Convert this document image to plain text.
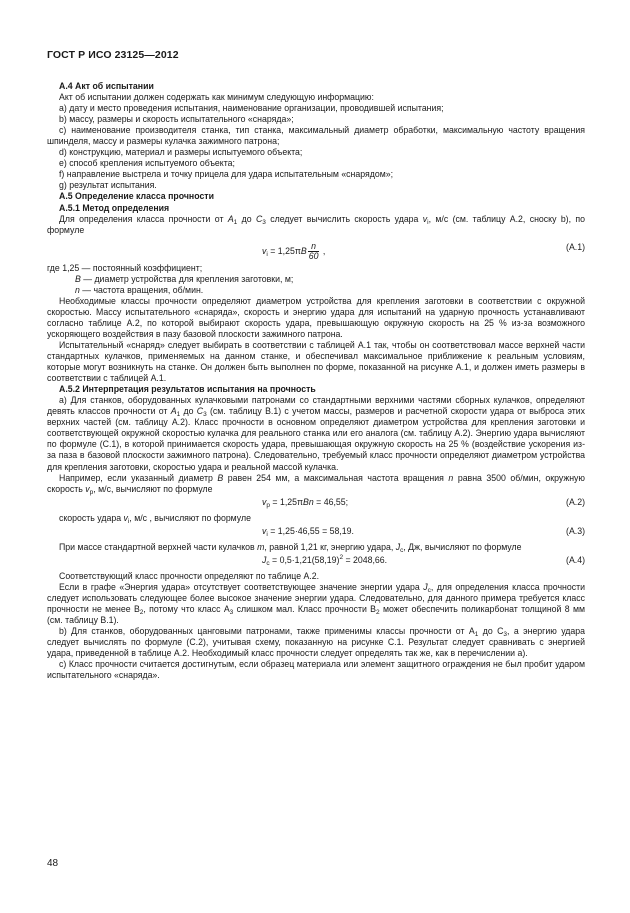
ГОСТ Р ИСО 23125—2012

A.4 Акт об испытании

Акт об испытании должен содержать как минимум следующую информацию:

а) дату и место проведения испытания, наименование организации, проводившей испытания;

b) массу, размеры и скорость испытательного «снаряда»;

с) наименование производителя станка, тип станка, максимальный диаметр обработки, максимальную частоту вращения шпинделя, массу и размеры кулачка зажимного патрона;

d) конструкцию, материал и размеры испытуемого объекта;

е) способ крепления испытуемого объекта;

f) направление выстрела и точку прицела для удара испытательным «снарядом»;

g) результат испытания.

A.5 Определение класса прочности

A.5.1 Метод определения

Для определения класса прочности от $A_1$ до $C_3$ следует вычислить скорость удара $v_i$, м/с (см. таблицу A.2, сноску b), по формуле

$v_i = 1,25\pi B \frac{n}{60}$ ,	(A.1)

где 1,25 — постоянный коэффициент;

B — диаметр устройства для крепления заготовки, м;

n — частота вращения, об/мин.

Необходимые классы прочности определяют диаметром устройства для крепления заготовки в соответствии с окружной скоростью. Массу испытательного «снаряда», скорость и энергию удара для испытаний на ударную прочность устанавливают согласно таблице A.2, по которой выбирают скорость удара, превышающую окружную скорость на 25 % из-за возможного ускоряющего воздействия в пазу базовой плоскости зажимного патрона.

Испытательный «снаряд» следует выбирать в соответствии с таблицей A.1 так, чтобы он соответствовал массе верхней части стандартных кулачков, применяемых на данном станке, и обеспечивал максимальное приближение к реальным условиям, которые могут возникнуть на станке. Он должен быть выполнен по форме, показанной на рисунке A.1, и должен иметь размеры в соответствии с таблицей A.1.

A.5.2 Интерпретация результатов испытания на прочность

а) Для станков, оборудованных кулачковыми патронами со стандартными верхними частями сборных кулачков, определяют девять классов прочности от $A_1$ до $C_3$ (см. таблицу B.1) с учетом массы, размеров и расчетной скорости удара от выброса этих верхних частей (см. таблицу A.2). Класс прочности в основном определяют диаметром устройства для крепления заготовки и соответствующей окружной скоростью кулачка для реального станка или его аналога (см. таблицу A.2). Энергию удара вычисляют по формуле (C.1), в которой принимается скорость удара, превышающая окружную скорость на 25 % (воздействие ускорения из-за паза в базовой плоскости зажимного патрона). Следовательно, требуемый класс прочности определяют диаметром устройства для крепления заготовки, скоростью удара и реальной массой кулачка.

Например, если указанный диаметр B равен 254 мм, а максимальная частота вращения n равна 3500 об/мин, окружную скорость $v_p$, м/с, вычисляют по формуле

$v_p = 1,25\pi Bn = 46,55$;	(A.2)

скорость удара $v_i$, м/с , вычисляют по формуле

$v_i = 1,25\cdot 46,55 = 58,19$.	(A.3)

При массе стандартной верхней части кулачков m, равной 1,21 кг, энергию удара, $J_c$, Дж, вычисляют по формуле

$J_c = 0,5\cdot 1,21(58,19)^2 = 2048,66$.	(A.4)

Соответствующий класс прочности определяют по таблице A.2.

Если в графе «Энергия удара» отсутствует соответствующее значение энергии удара $J_c$, для определения класса прочности следует использовать следующее более высокое значение энергии удара. Следовательно, для данного примера требуется класс прочности не менее $B_2$, потому что класс $A_3$ слишком мал. Класс прочности $B_2$ может обеспечить поликарбонат толщиной 8 мм (см. таблицу B.1).

b) Для станков, оборудованных цанговыми патронами, также применимы классы прочности от $A_1$ до $C_3$, а энергию удара следует вычислять по формуле (C.2), учитывая схему, показанную на рисунке C.1. Результат следует сравнивать с энергией удара, приведенной в таблице A.2. Необходимый класс прочности следует определять так же, как в перечислении а).

с) Класс прочности считается достигнутым, если образец материала или элемент защитного ограждения не был пробит ударом испытательного «снаряда».

48
